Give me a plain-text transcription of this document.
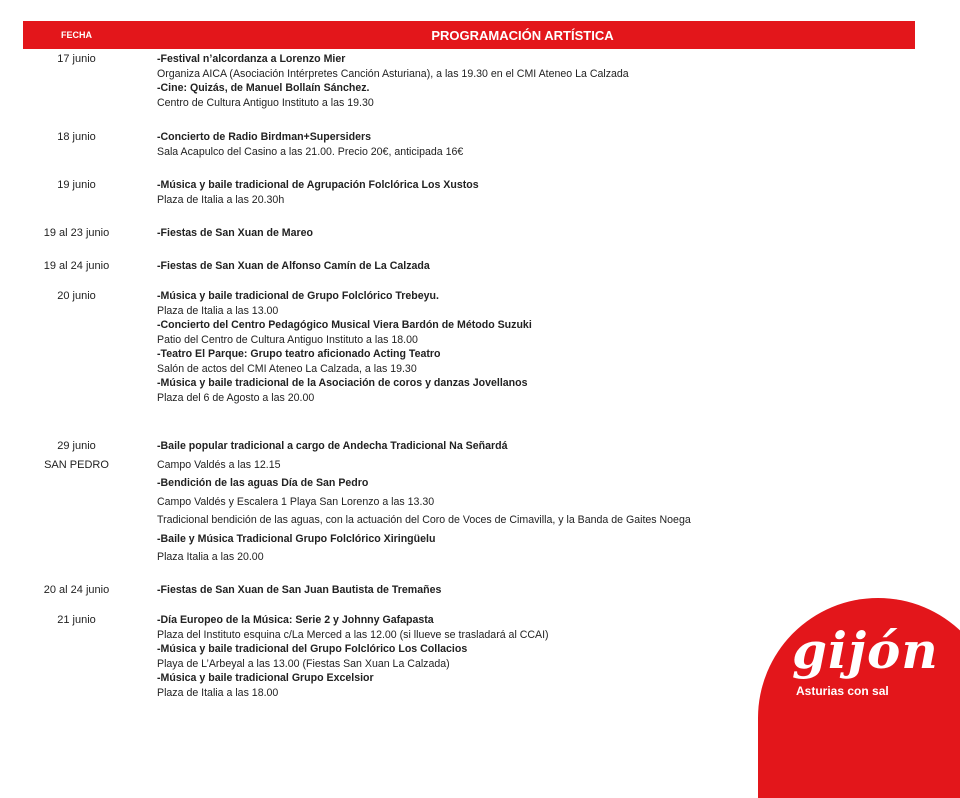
FECHA	PROGRAMACIÓN ARTÍSTICA
17 junio	-Festival n’alcordanza a Lorenzo Mier
Organiza AICA (Asociación Intérpretes Canción Asturiana), a las 19.30 en el CMI Ateneo La Calzada
-Cine: Quizás, de Manuel Bollaín Sánchez.
Centro de Cultura Antiguo Instituto a las 19.30
18 junio	-Concierto de Radio Birdman+Supersiders
Sala Acapulco del Casino a las 21.00. Precio 20€, anticipada 16€
19 junio	-Música y baile tradicional de Agrupación Folclórica Los Xustos
Plaza de Italia a las 20.30h
19 al 23 junio	-Fiestas de San Xuan de Mareo
19 al 24 junio	-Fiestas de San Xuan de Alfonso Camín de La Calzada
20 junio	-Música y baile tradicional de Grupo Folclórico Trebeyu.
Plaza de Italia a las 13.00
-Concierto del Centro Pedagógico Musical Viera Bardón de Método Suzuki
Patio del Centro de Cultura Antiguo Instituto a las 18.00
-Teatro El Parque: Grupo teatro aficionado Acting Teatro
Salón de actos del CMI Ateneo La Calzada, a las 19.30
-Música y baile tradicional de la Asociación de coros y danzas Jovellanos
Plaza del 6 de Agosto a las 20.00
29 junio
SAN PEDRO
-Baile popular tradicional a cargo de Andecha Tradicional Na Señardá
Campo Valdés a las 12.15
-Bendición de las aguas Día de San Pedro
Campo Valdés y Escalera 1 Playa San Lorenzo a las 13.30
Tradicional bendición de las aguas, con la actuación del Coro de Voces de Cimavilla, y la Banda de Gaites Noega
-Baile y Música Tradicional Grupo Folclórico Xiringüelu
Plaza Italia a las 20.00
20 al 24 junio	-Fiestas de San Xuan de San Juan Bautista de Tremañes
21 junio	-Día Europeo de la Música: Serie 2 y Johnny Gafapasta
Plaza del Instituto esquina c/La Merced a las 12.00 (si llueve se trasladará al CCAI)
-Música y baile tradicional del Grupo Folclórico Los Collacios
Playa de L’Arbeyal a las 13.00 (Fiestas San Xuan La Calzada)
-Música y baile tradicional Grupo Excelsior
Plaza de Italia a las 18.00
gijón
Asturias con sal
